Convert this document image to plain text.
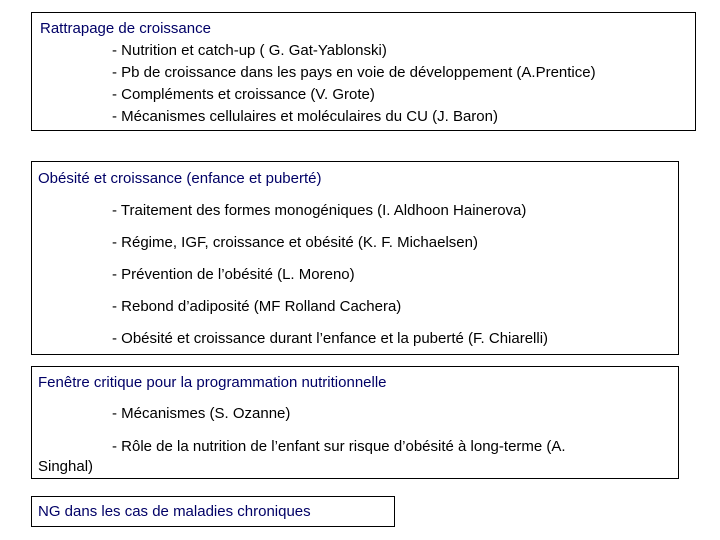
Rattrapage de croissance
- Nutrition et catch-up ( G. Gat-Yablonski)
- Pb de croissance dans les pays en voie de développement (A.Prentice)
- Compléments et croissance (V. Grote)
- Mécanismes cellulaires et moléculaires du CU (J. Baron)
Obésité et croissance (enfance et puberté)
- Traitement des formes monogéniques (I. Aldhoon Hainerova)
- Régime, IGF, croissance et obésité (K. F. Michaelsen)
- Prévention de l’obésité (L. Moreno)
- Rebond d’adiposité (MF Rolland Cachera)
- Obésité et croissance durant l’enfance et la puberté (F. Chiarelli)
Fenêtre critique pour la programmation nutritionnelle
- Mécanismes (S. Ozanne)
- Rôle de la nutrition de l’enfant sur risque d’obésité à long-terme (A.
Singhal)
NG dans les cas de maladies chroniques
